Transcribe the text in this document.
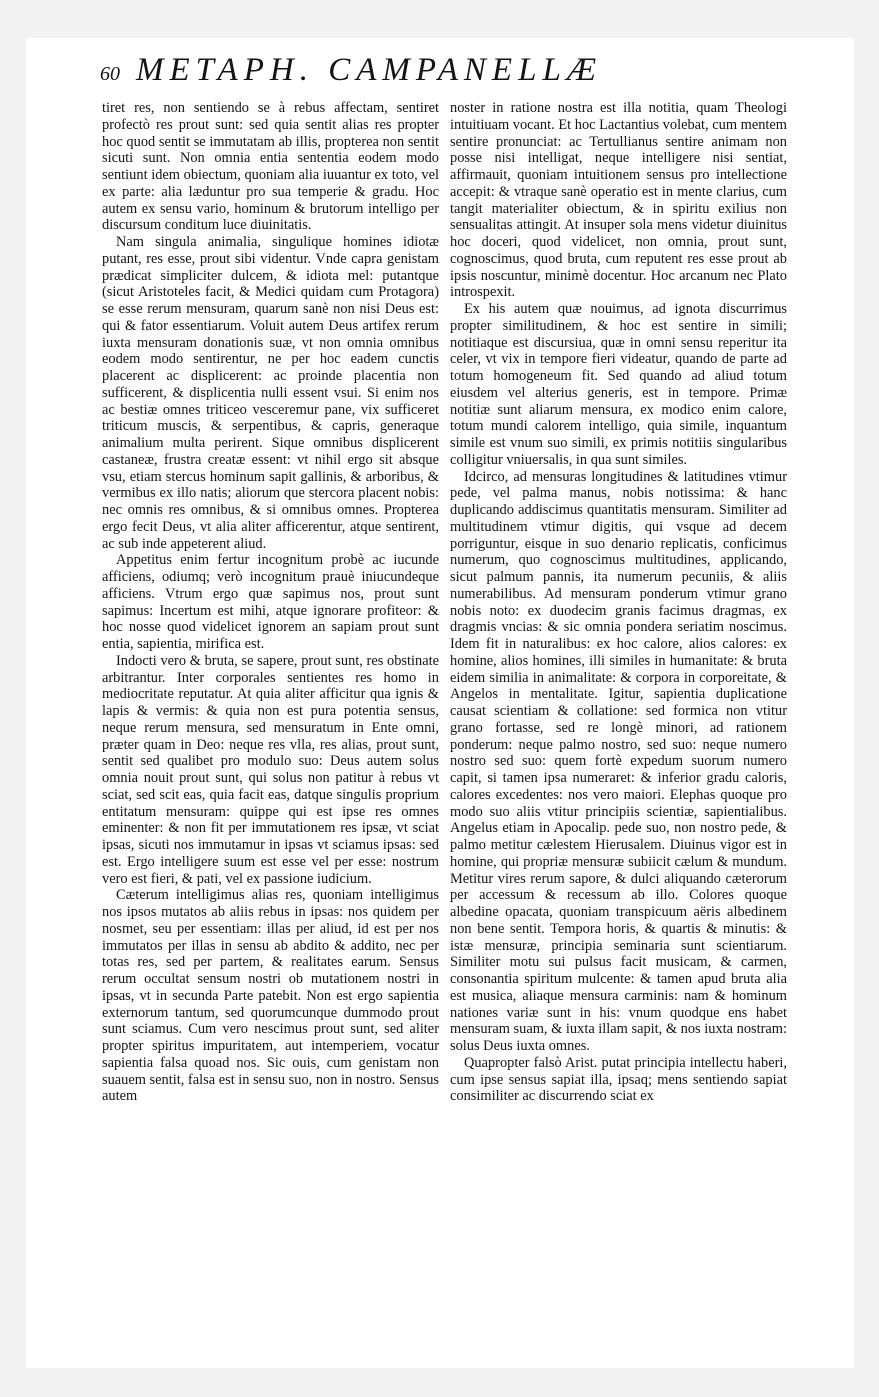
60 METAPH. CAMPANELLÆ

tiret res, non sentiendo se à rebus affectam, sentiret profectò res prout sunt: sed quia sentit alias res propter hoc quod sentit se immutatam ab illis, propterea non sentit sicuti sunt. Non omnia entia sententia eodem modo sentiunt idem obiectum, quoniam alia iuuantur ex toto, vel ex parte: alia læduntur pro sua temperie & gradu. Hoc autem ex sensu vario, hominum & brutorum intelligo per discursum conditum luce diuinitatis.

Nam singula animalia, singulique homines idiotæ putant, res esse, prout sibi videntur. Vnde capra genistam prædicat simpliciter dulcem, & idiota mel: putantque (sicut Aristoteles facit, & Medici quidam cum Protagora) se esse rerum mensuram, quarum sanè non nisi Deus est: qui & fator essentiarum. Voluit autem Deus artifex rerum iuxta mensuram donationis suæ, vt non omnia omnibus eodem modo sentirentur, ne per hoc eadem cunctis placerent ac displicerent: ac proinde placentia non sufficerent, & displicentia nulli essent vsui. Si enim nos ac bestiæ omnes triticeo vesceremur pane, vix sufficeret triticum muscis, & serpentibus, & capris, generaque animalium multa perirent. Sique omnibus displicerent castaneæ, frustra creatæ essent: vt nihil ergo sit absque vsu, etiam stercus hominum sapit gallinis, & arboribus, & vermibus ex illo natis; aliorum que stercora placent nobis: nec omnis res omnibus, & si omnibus omnes. Propterea ergo fecit Deus, vt alia aliter afficerentur, atque sentirent, ac sub inde appeterent aliud.

Appetitus enim fertur incognitum probè ac iucunde afficiens, odiumq; verò incognitum prauè iniucundeque afficiens. Vtrum ergo quæ sapimus nos, prout sunt sapimus: Incertum est mihi, atque ignorare profiteor: & hoc nosse quod videlicet ignorem an sapiam prout sunt entia, sapientia, mirifica est.

Indocti vero & bruta, se sapere, prout sunt, res obstinate arbitrantur. Inter corporales sentientes res homo in mediocritate reputatur. At quia aliter afficitur qua ignis & lapis & vermis: & quia non est pura potentia sensus, neque rerum mensura, sed mensuratum in Ente omni, præter quam in Deo: neque res vlla, res alias, prout sunt, sentit sed qualibet pro modulo suo: Deus autem solus omnia nouit prout sunt, qui solus non patitur à rebus vt sciat, sed scit eas, quia facit eas, datque singulis proprium entitatum mensuram: quippe qui est ipse res omnes eminenter: & non fit per immutationem res ipsæ, vt sciat ipsas, sicuti nos immutamur in ipsas vt sciamus ipsas: sed est. Ergo intelligere suum est esse vel per esse: nostrum vero est fieri, & pati, vel ex passione iudicium.

Cæterum intelligimus alias res, quoniam intelligimus nos ipsos mutatos ab aliis rebus in ipsas: nos quidem per nosmet, seu per essentiam: illas per aliud, id est per nos immutatos per illas in sensu ab abdito & addito, nec per totas res, sed per partem, & realitates earum. Sensus rerum occultat sensum nostri ob mutationem nostri in ipsas, vt in secunda Parte patebit. Non est ergo sapientia externorum tantum, sed quorumcunque dummodo prout sunt sciamus. Cum vero nescimus prout sunt, sed aliter propter spiritus impuritatem, aut intemperiem, vocatur sapientia falsa quoad nos. Sic ouis, cum genistam non suauem sentit, falsa est in sensu suo, non in nostro. Sensus autem

noster in ratione nostra est illa notitia, quam Theologi intuitiuam vocant. Et hoc Lactantius volebat, cum mentem sentire pronunciat: ac Tertullianus sentire animam non posse nisi intelligat, neque intelligere nisi sentiat, affirmauit, quoniam intuitionem sensus pro intellectione accepit: & vtraque sanè operatio est in mente clarius, cum tangit materialiter obiectum, & in spiritu exilius non sensualitas attingit. At insuper sola mens videtur diuinitus hoc doceri, quod videlicet, non omnia, prout sunt, cognoscimus, quod bruta, cum reputent res esse prout ab ipsis noscuntur, minimè docentur. Hoc arcanum nec Plato introspexit.

Ex his autem quæ nouimus, ad ignota discurrimus propter similitudinem, & hoc est sentire in simili; notitiaque est discursiua, quæ in omni sensu reperitur ita celer, vt vix in tempore fieri videatur, quando de parte ad totum homogeneum fit. Sed quando ad aliud totum eiusdem vel alterius generis, est in tempore. Primæ notitiæ sunt aliarum mensura, ex modico enim calore, totum mundi calorem intelligo, quia simile, inquantum simile est vnum suo simili, ex primis notitiis singularibus colligitur vniuersalis, in qua sunt similes.

Idcirco, ad mensuras longitudines & latitudines vtimur pede, vel palma manus, nobis notissima: & hanc duplicando addiscimus quantitatis mensuram. Similiter ad multitudinem vtimur digitis, qui vsque ad decem porriguntur, eisque in suo denario replicatis, conficimus numerum, quo cognoscimus multitudines, applicando, sicut palmum pannis, ita numerum pecuniis, & aliis numerabilibus. Ad mensuram ponderum vtimur grano nobis noto: ex duodecim granis facimus dragmas, ex dragmis vncias: & sic omnia pondera seriatim noscimus. Idem fit in naturalibus: ex hoc calore, alios calores: ex homine, alios homines, illi similes in humanitate: & bruta eidem similia in animalitate: & corpora in corporeitate, & Angelos in mentalitate. Igitur, sapientia duplicatione causat scientiam & collatione: sed formica non vtitur grano fortasse, sed re longè minori, ad rationem ponderum: neque palmo nostro, sed suo: neque numero nostro sed suo: quem fortè expedum suorum numero capit, si tamen ipsa numeraret: & inferior gradu caloris, calores excedentes: nos vero maiori. Elephas quoque pro modo suo aliis vtitur principiis scientiæ, sapientialibus. Angelus etiam in Apocalip. pede suo, non nostro pede, & palmo metitur cælestem Hierusalem. Diuinus vigor est in homine, qui propriæ mensuræ subiicit cælum & mundum. Metitur vires rerum sapore, & dulci aliquando cæterorum per accessum & recessum ab illo. Colores quoque albedine opacata, quoniam transpicuum aëris albedinem non bene sentit. Tempora horis, & quartis & minutis: & istæ mensuræ, principia seminaria sunt scientiarum. Similiter motu sui pulsus facit musicam, & carmen, consonantia spiritum mulcente: & tamen apud bruta alia est musica, aliaque mensura carminis: nam & hominum nationes variæ sunt in his: vnum quodque ens habet mensuram suam, & iuxta illam sapit, & nos iuxta nostram: solus Deus iuxta omnes.

Quapropter falsò Arist. putat principia intellectu haberi, cum ipse sensus sapiat illa, ipsaq; mens sentiendo sapiat consimiliter ac discurrendo sciat ex
